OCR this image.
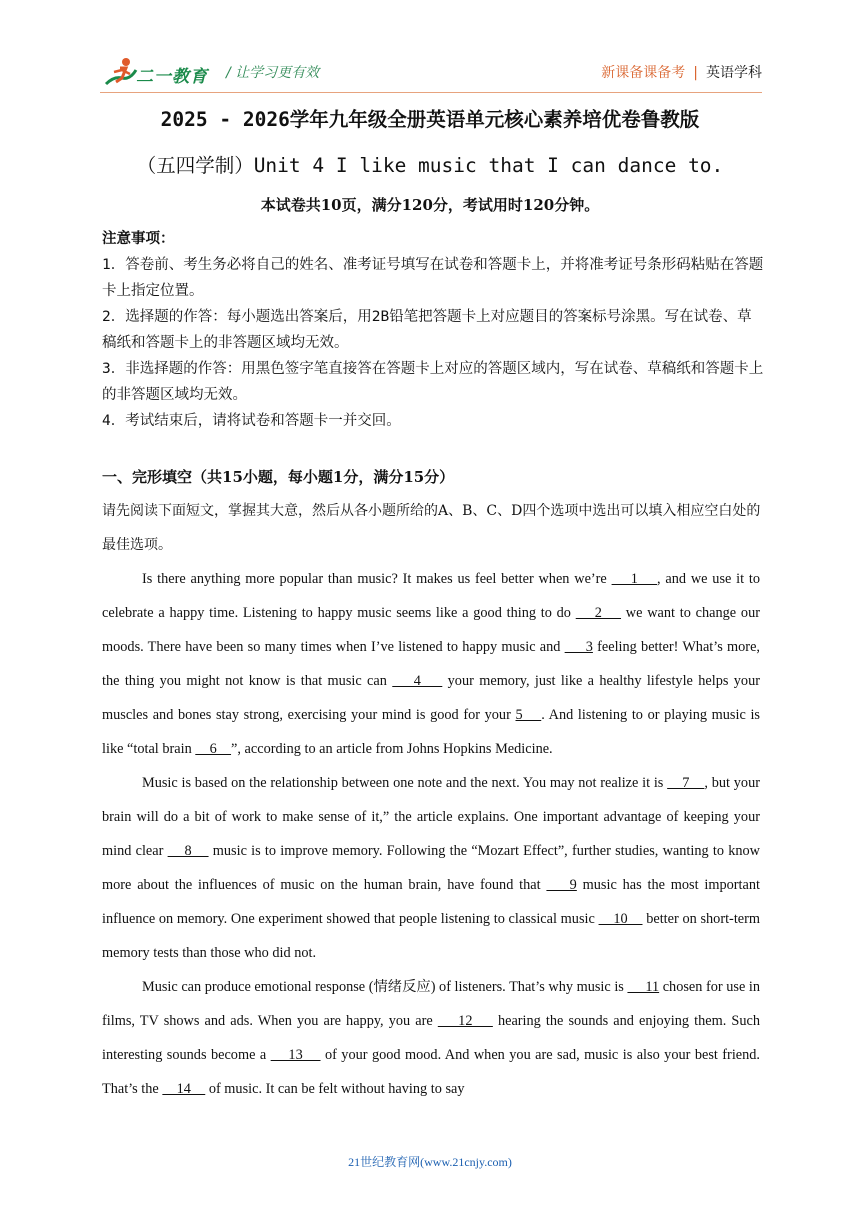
二一教育 / 让学习更有效	新课备课备考 | 英语学科
2025 - 2026学年九年级全册英语单元核心素养培优卷鲁教版
（五四学制）Unit 4 I like music that I can dance to.
本试卷共10页，满分120分，考试用时120分钟。

注意事项：

1．答卷前、考生务必将自己的姓名、准考证号填写在试卷和答题卡上，并将准考证号条形码粘贴在答题卡上指定位置。

2．选择题的作答：每小题选出答案后，用2B铅笔把答题卡上对应题目的答案标号涂黑。写在试卷、草稿纸和答题卡上的非答题区域均无效。

3．非选择题的作答：用黑色签字笔直接答在答题卡上对应的答题区域内，写在试卷、草稿纸和答题卡上的非答题区域均无效。

4．考试结束后，请将试卷和答题卡一并交回。

一、完形填空（共15小题，每小题1分，满分15分）
请先阅读下面短文，掌握其大意，然后从各小题所给的A、B、C、D四个选项中选出可以填入相应空白处的最佳选项。

Is there anything more popular than music? It makes us feel better when we’re     1    , and we use it to celebrate a happy time. Listening to happy music seems like a good thing to do     2     we want to change our moods. There have been so many times when I’ve listened to happy music and      3 feeling better! What’s more, the thing you might not know is that music can     4     your memory, just like a healthy lifestyle helps your muscles and bones stay strong, exercising your mind is good for your 5    . And listening to or playing music is like “total brain     6    ”, according to an article from Johns Hopkins Medicine.

Music is based on the relationship between one note and the next. You may not realize it is     7    , but your brain will do a bit of work to make sense of it,” the article explains. One important advantage of keeping your mind clear     8     music is to improve memory. Following the “Mozart Effect”, further studies, wanting to know more about the influences of music on the human brain, have found that     9 music has the most important influence on memory. One experiment showed that people listening to classical music     10     better on short-term memory tests than those who did not.

Music can produce emotional response (情绪反应) of listeners. That’s why music is      11 chosen for use in films, TV shows and ads. When you are happy, you are     12     hearing the sounds and enjoying them. Such interesting sounds become a     13     of your good mood. And when you are sad, music is also your best friend. That’s the     14     of music. It can be felt without having to say

21世纪教育网(www.21cnjy.com)
